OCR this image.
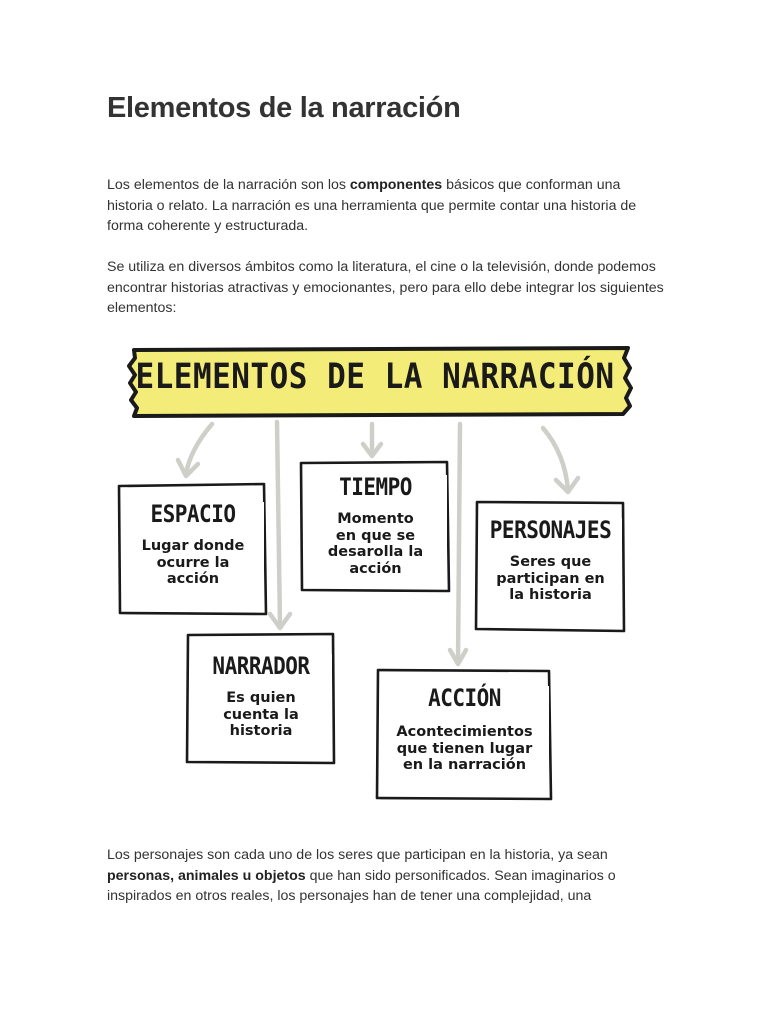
Elementos de la narración

Los elementos de la narración son los componentes básicos que conforman una historia o relato. La narración es una herramienta que permite contar una historia de forma coherente y estructurada.

Se utiliza en diversos ámbitos como la literatura, el cine o la televisión, donde podemos encontrar historias atractivas y emocionantes, pero para ello debe integrar los siguientes elementos:

ELEMENTOS DE LA NARRACIÓN
ESPACIO
Lugar donde ocurre la acción
TIEMPO
Momento en que se desarolla la acción
PERSONAJES
Seres que participan en la historia
NARRADOR
Es quien cuenta la historia
ACCIÓN
Acontecimientos que tienen lugar en la narración

Los personajes son cada uno de los seres que participan en la historia, ya sean personas, animales u objetos que han sido personificados. Sean imaginarios o inspirados en otros reales, los personajes han de tener una complejidad, una
